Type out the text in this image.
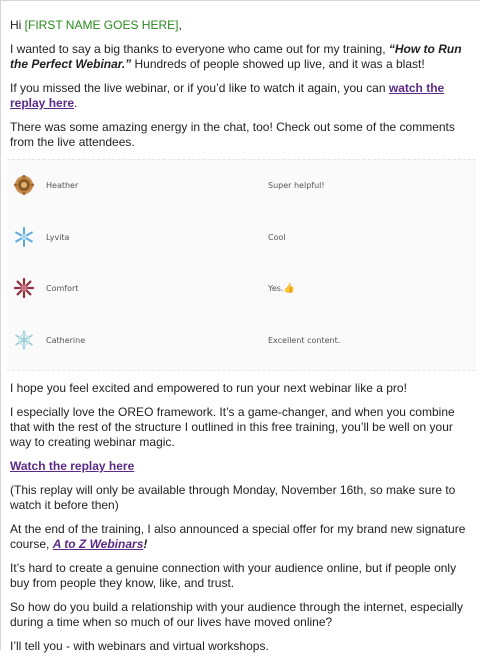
Hi [FIRST NAME GOES HERE],

I wanted to say a big thanks to everyone who came out for my training, “How to Run the Perfect Webinar.” Hundreds of people showed up live, and it was a blast!

If you missed the live webinar, or if you’d like to watch it again, you can watch the replay here.

There was some amazing energy in the chat, too! Check out some of the comments from the live attendees.

Heather	Super helpful!
Lyvita	Cool
Comfort	Yes.👍
Catherine	Excellent content.

I hope you feel excited and empowered to run your next webinar like a pro!

I especially love the OREO framework. It’s a game-changer, and when you combine that with the rest of the structure I outlined in this free training, you’ll be well on your way to creating webinar magic.

Watch the replay here

(This replay will only be available through Monday, November 16th, so make sure to watch it before then)

At the end of the training, I also announced a special offer for my brand new signature course, A to Z Webinars!

It’s hard to create a genuine connection with your audience online, but if people only buy from people they know, like, and trust.

So how do you build a relationship with your audience through the internet, especially during a time when so much of our lives have moved online?

I’ll tell you - with webinars and virtual workshops.
